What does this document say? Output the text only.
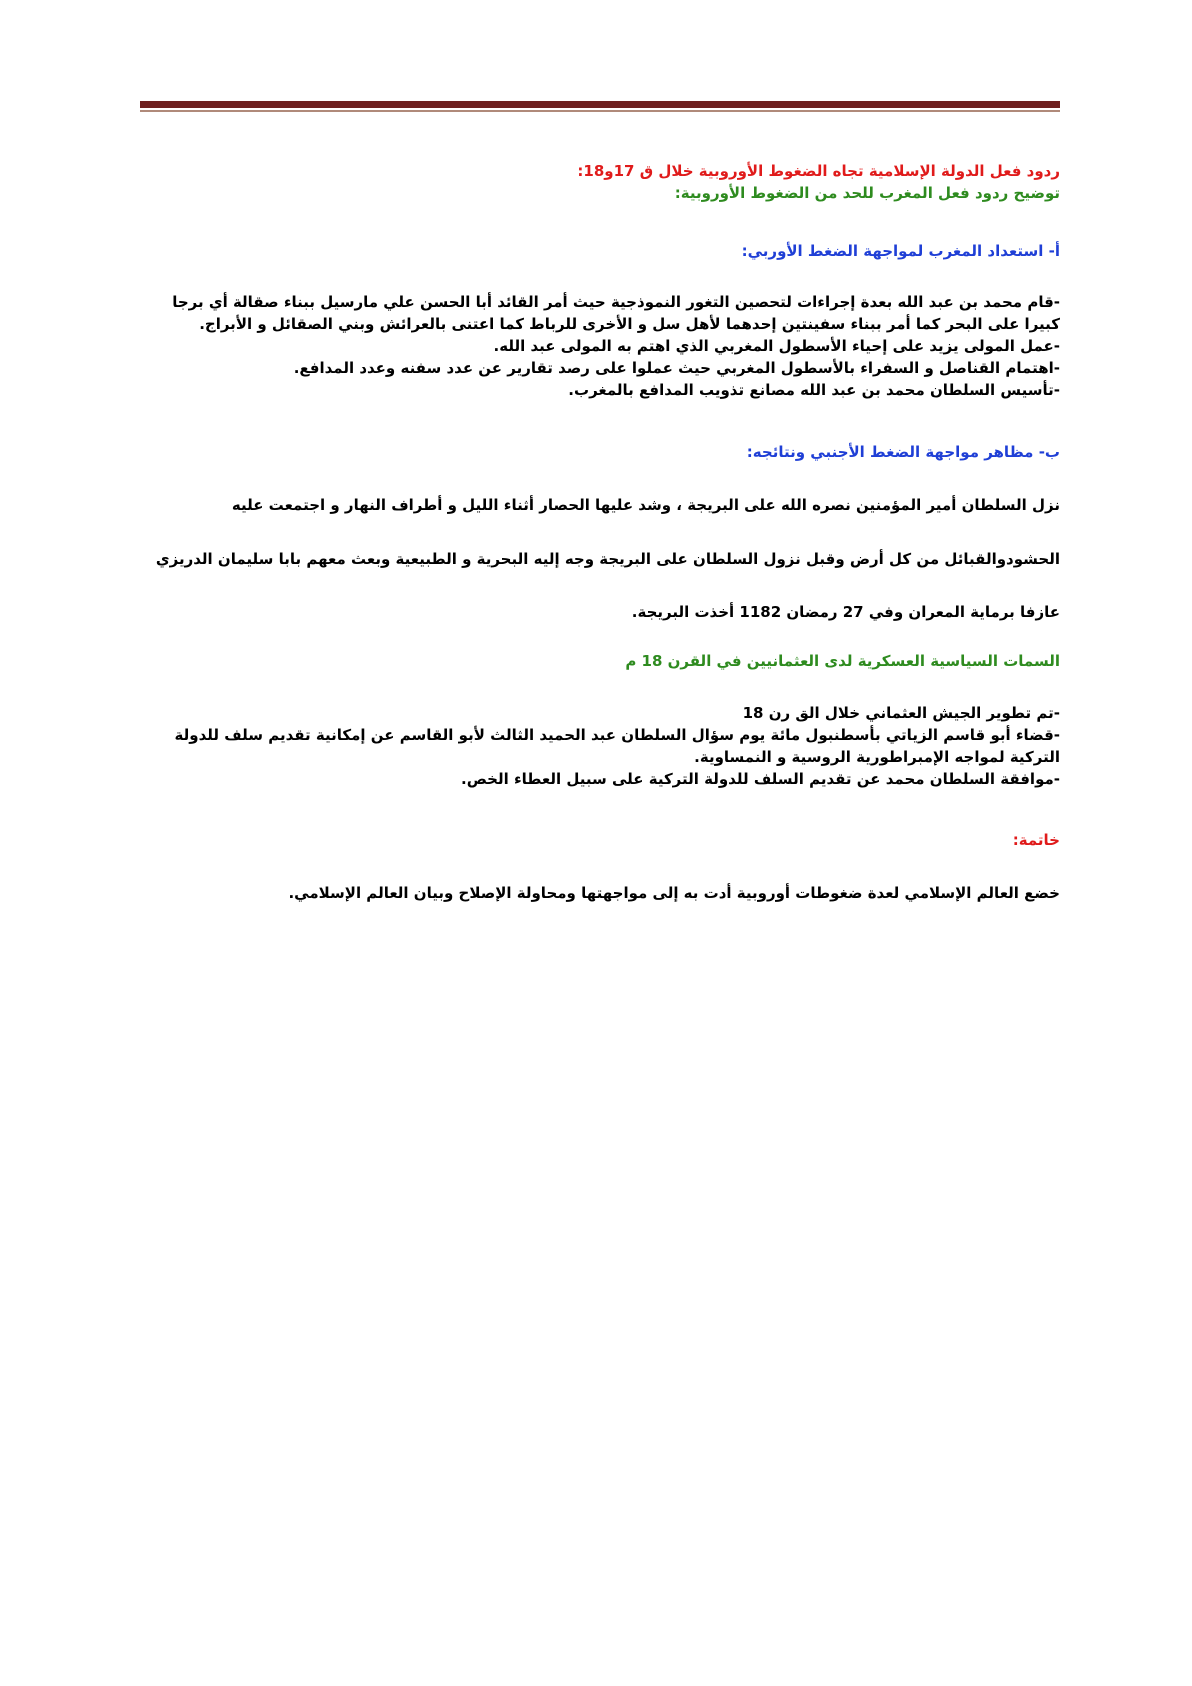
ردود فعل الدولة الإسلامية تجاه الضغوط الأوروبية خلال ق 17و18:

توضيح ردود فعل المغرب للحد من الضغوط الأوروبية:

أ- استعداد المغرب لمواجهة الضغط الأوربي:

-قام محمد بن عبد الله بعدة إجراءات لتحصين التغور النموذجية حيث أمر القائد أبا الحسن علي مارسيل ببناء صقالة أي برجا كبيرا على البحر كما أمر ببناء سفينتين إحدهما لأهل سل و الأخرى للرباط كما اعتنى بالعرائش وبني الصقائل و الأبراج.

-عمل المولى يزيد على إحياء الأسطول المغربي الذي اهتم به المولى عبد الله.

-اهتمام القناصل و السفراء بالأسطول المغربي حيث عملوا على رصد تقارير عن عدد سفنه وعدد المدافع.

-تأسيس السلطان محمد بن عبد الله مصانع تذويب المدافع بالمغرب.

ب- مظاهر مواجهة الضغط الأجنبي ونتائجه:

نزل السلطان أمير المؤمنين نصره الله على البريجة ، وشد عليها الحصار أثناء الليل و أطراف النهار و اجتمعت عليه

الحشودوالقبائل من كل أرض وقبل نزول السلطان على البريجة وجه إليه البحرية و الطبيعية وبعث معهم بابا سليمان الدريزي

عازفا برماية المعران وفي 27 رمضان 1182 أخذت البريجة.

السمات السياسية العسكرية لدى العثمانيين في القرن 18 م

-تم تطوير الجيش العثماني خلال الق رن 18

-قضاء أبو قاسم الزياتي بأسطنبول مائة يوم سؤال السلطان عبد الحميد الثالث لأبو القاسم عن إمكانية تقديم سلف للدولة التركية لمواجه الإمبراطورية الروسية و النمساوية.

-موافقة السلطان محمد عن تقديم السلف للدولة التركية على سبيل العطاء الخص.

خاتمة:

خضع العالم الإسلامي لعدة ضغوطات أوروبية أدت به إلى مواجهتها ومحاولة الإصلاح وبيان العالم الإسلامي.
